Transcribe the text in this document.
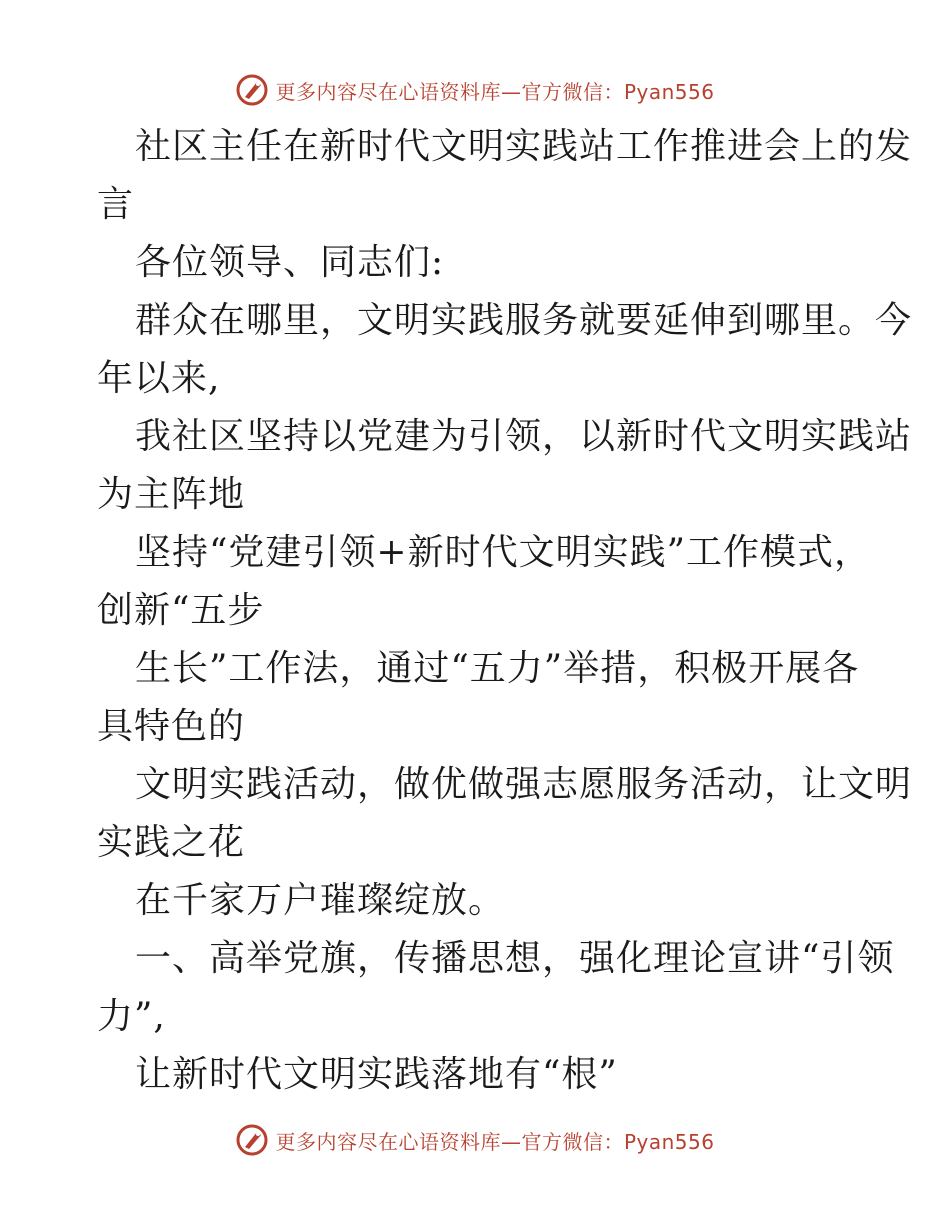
更多内容尽在心语资料库—官方微信：Pyan556
社区主任在新时代文明实践站工作推进会上的发
言
各位领导、同志们:
群众在哪里，文明实践服务就要延伸到哪里。今
年以来,
我社区坚持以党建为引领，以新时代文明实践站
为主阵地
坚持“党建引领+新时代文明实践”工作模式，
创新“五步
生长”工作法，通过“五力”举措，积极开展各
具特色的
文明实践活动，做优做强志愿服务活动，让文明
实践之花
在千家万户璀璨绽放。
一、高举党旗，传播思想，强化理论宣讲“引领
力”,
让新时代文明实践落地有“根”
更多内容尽在心语资料库—官方微信：Pyan556
